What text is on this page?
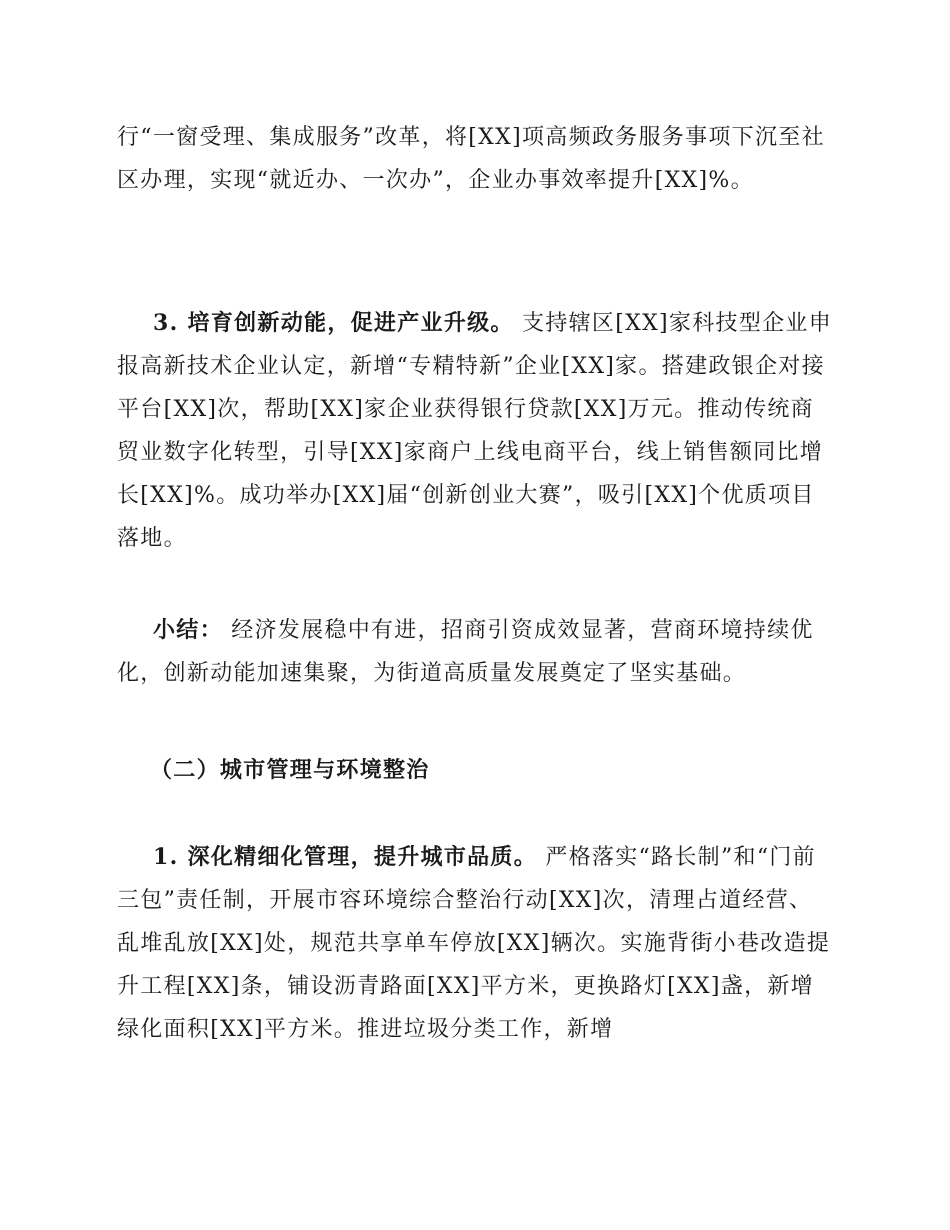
行“一窗受理、集成服务”改革，将[XX]项高频政务服务事项下沉至社区办理，实现“就近办、一次办”，企业办事效率提升[XX]%。

3. 培育创新动能，促进产业升级。 支持辖区[XX]家科技型企业申报高新技术企业认定，新增“专精特新”企业[XX]家。搭建政银企对接平台[XX]次，帮助[XX]家企业获得银行贷款[XX]万元。推动传统商贸业数字化转型，引导[XX]家商户上线电商平台，线上销售额同比增长[XX]%。成功举办[XX]届“创新创业大赛”，吸引[XX]个优质项目落地。

小结： 经济发展稳中有进，招商引资成效显著，营商环境持续优化，创新动能加速集聚，为街道高质量发展奠定了坚实基础。

（二）城市管理与环境整治

1. 深化精细化管理，提升城市品质。 严格落实“路长制”和“门前三包”责任制，开展市容环境综合整治行动[XX]次，清理占道经营、乱堆乱放[XX]处，规范共享单车停放[XX]辆次。实施背街小巷改造提升工程[XX]条，铺设沥青路面[XX]平方米，更换路灯[XX]盏，新增绿化面积[XX]平方米。推进垃圾分类工作，新增
